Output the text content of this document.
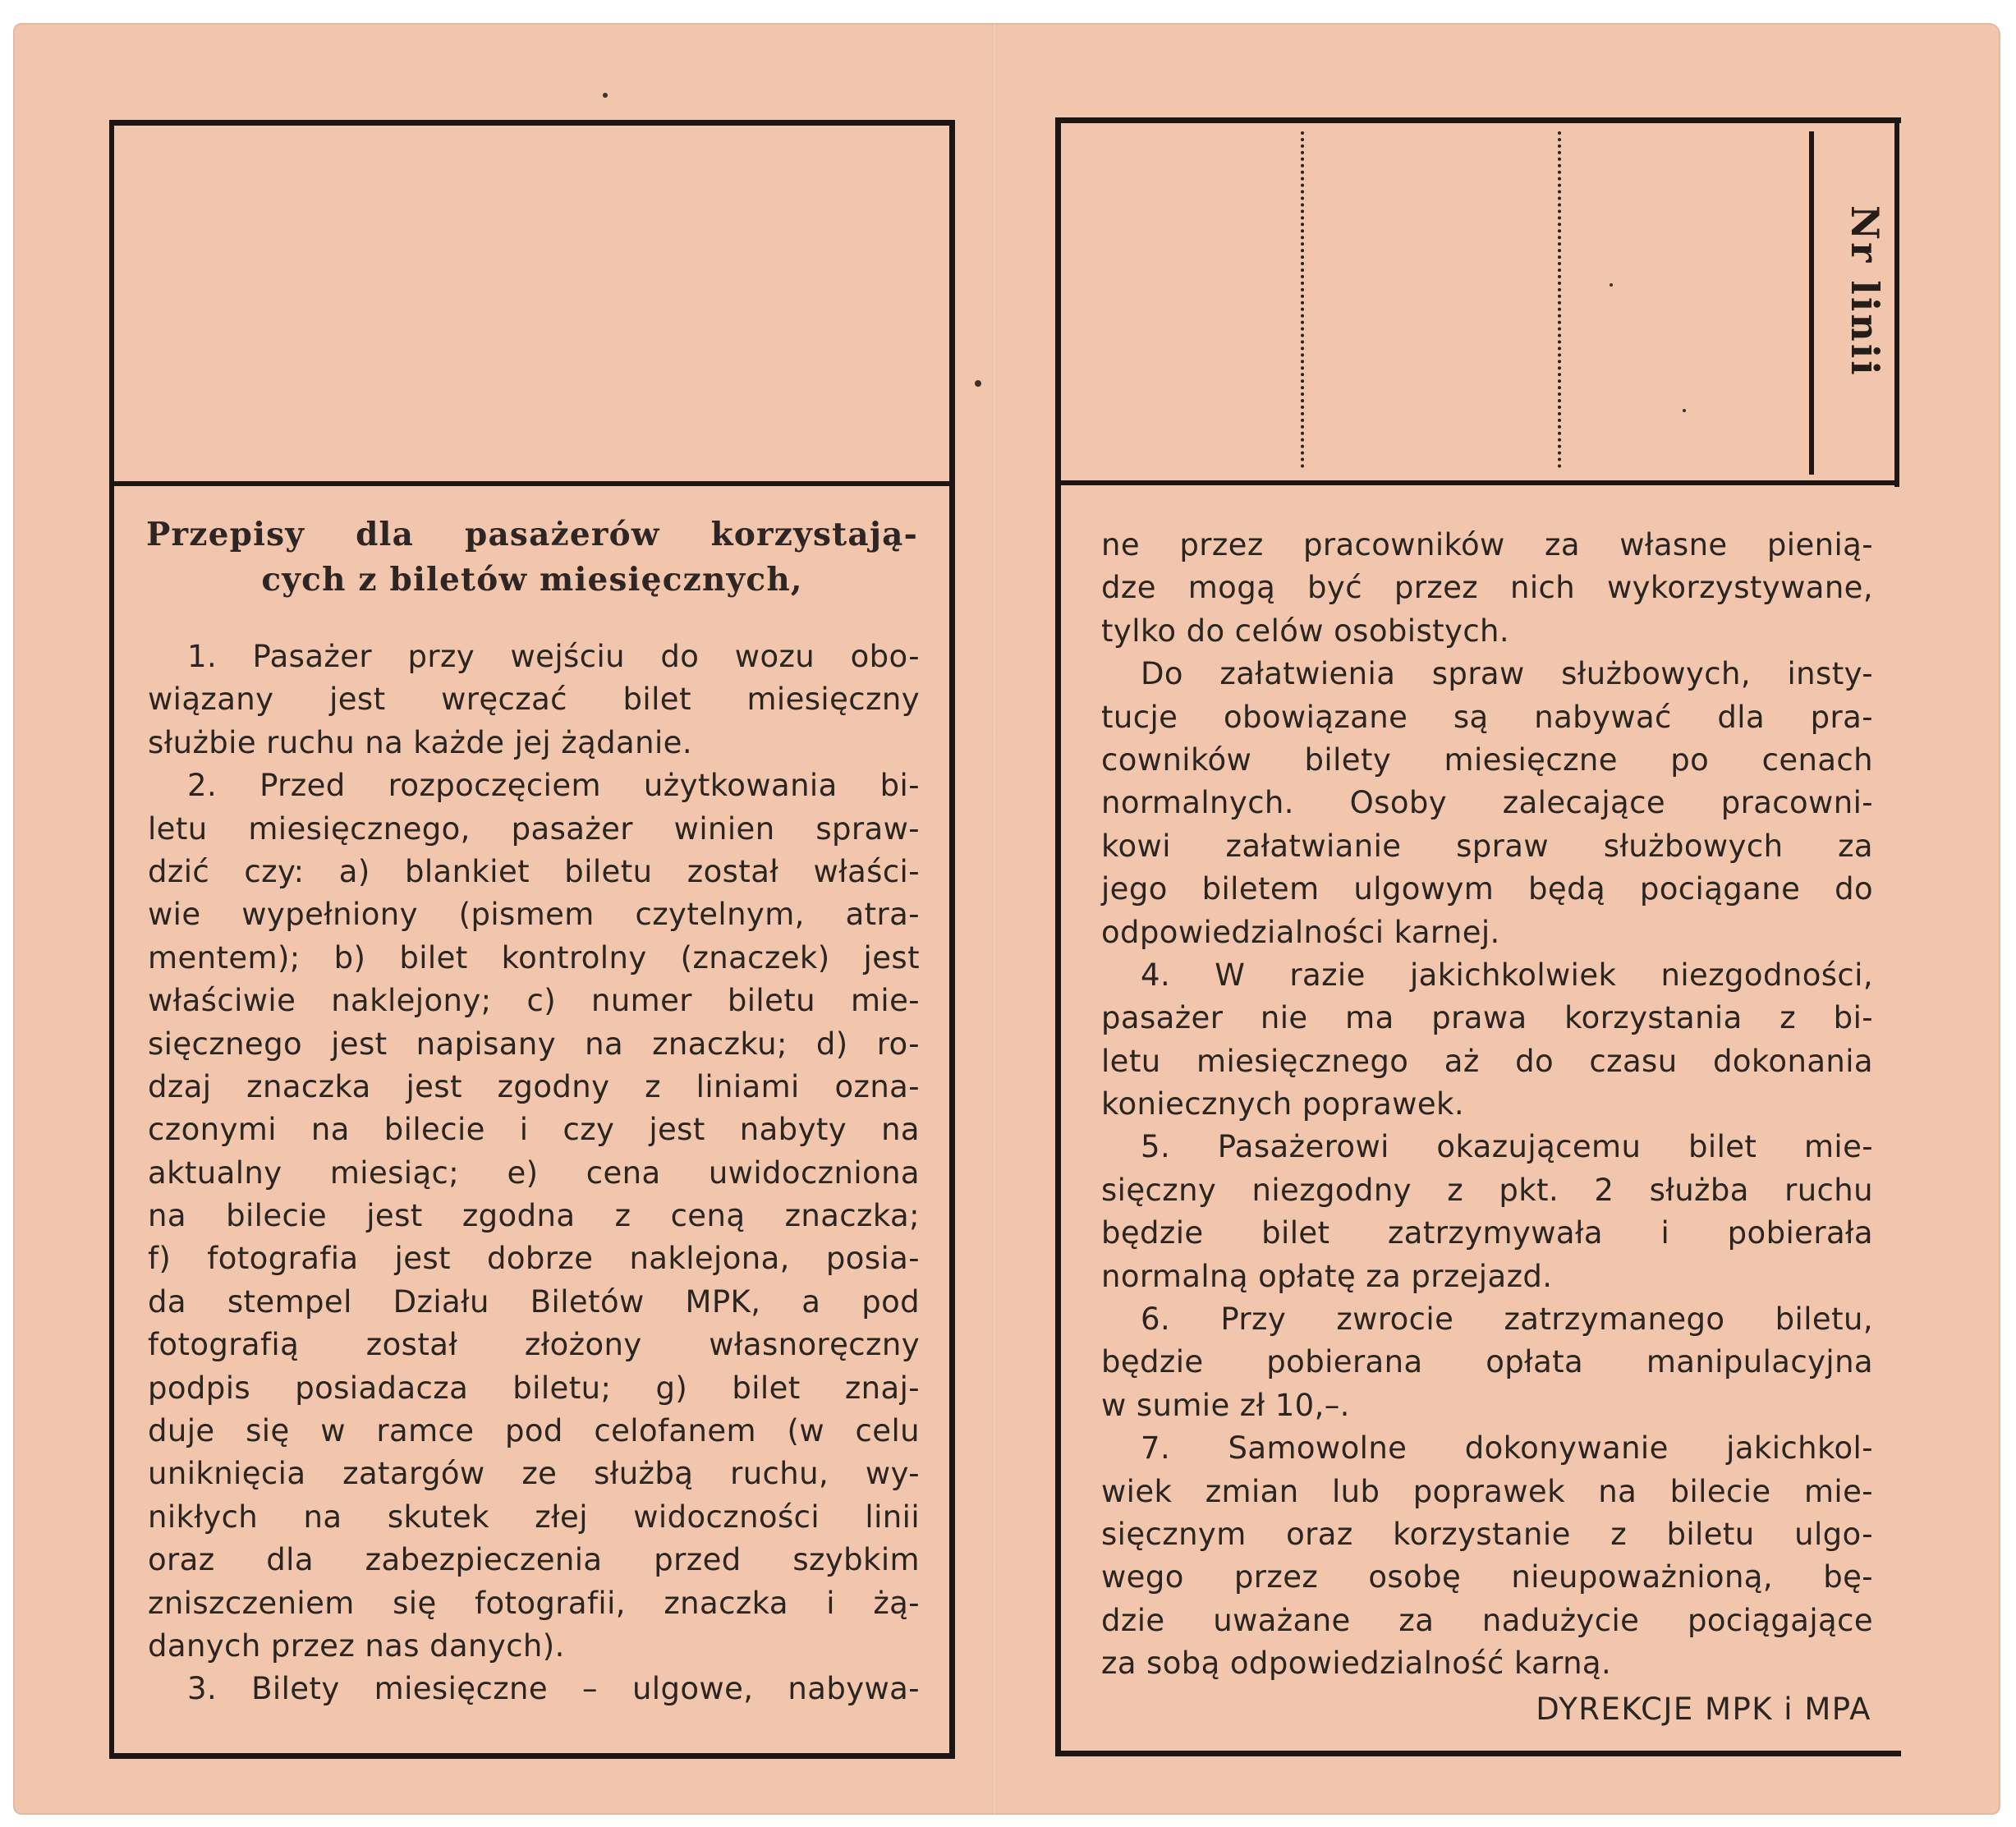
Nr linii
Przepisy dla pasażerów korzystają-
cych z biletów miesięcznych,
1. Pasażer przy wejściu do wozu obo-
wiązany jest wręczać bilet miesięczny
służbie ruchu na każde jej żądanie.
2. Przed rozpoczęciem użytkowania bi-
letu miesięcznego, pasażer winien spraw-
dzić czy: a) blankiet biletu został właści-
wie wypełniony (pismem czytelnym, atra-
mentem); b) bilet kontrolny (znaczek) jest
właściwie naklejony; c) numer biletu mie-
sięcznego jest napisany na znaczku; d) ro-
dzaj znaczka jest zgodny z liniami ozna-
czonymi na bilecie i czy jest nabyty na
aktualny miesiąc; e) cena uwidoczniona
na bilecie jest zgodna z ceną znaczka;
f) fotografia jest dobrze naklejona, posia-
da stempel Działu Biletów MPK, a pod
fotografią został złożony własnoręczny
podpis posiadacza biletu; g) bilet znaj-
duje się w ramce pod celofanem (w celu
uniknięcia zatargów ze służbą ruchu, wy-
nikłych na skutek złej widoczności linii
oraz dla zabezpieczenia przed szybkim
zniszczeniem się fotografii, znaczka i żą-
danych przez nas danych).
3. Bilety miesięczne – ulgowe, nabywa-
ne przez pracowników za własne pienią-
dze mogą być przez nich wykorzystywane,
tylko do celów osobistych.
Do załatwienia spraw służbowych, insty-
tucje obowiązane są nabywać dla pra-
cowników bilety miesięczne po cenach
normalnych. Osoby zalecające pracowni-
kowi załatwianie spraw służbowych za
jego biletem ulgowym będą pociągane do
odpowiedzialności karnej.
4. W razie jakichkolwiek niezgodności,
pasażer nie ma prawa korzystania z bi-
letu miesięcznego aż do czasu dokonania
koniecznych poprawek.
5. Pasażerowi okazującemu bilet mie-
sięczny niezgodny z pkt. 2 służba ruchu
będzie bilet zatrzymywała i pobierała
normalną opłatę za przejazd.
6. Przy zwrocie zatrzymanego biletu,
będzie pobierana opłata manipulacyjna
w sumie zł 10,–.
7. Samowolne dokonywanie jakichkol-
wiek zmian lub poprawek na bilecie mie-
sięcznym oraz korzystanie z biletu ulgo-
wego przez osobę nieupoważnioną, bę-
dzie uważane za nadużycie pociągające
za sobą odpowiedzialność karną.
DYREKCJE MPK i MPA
